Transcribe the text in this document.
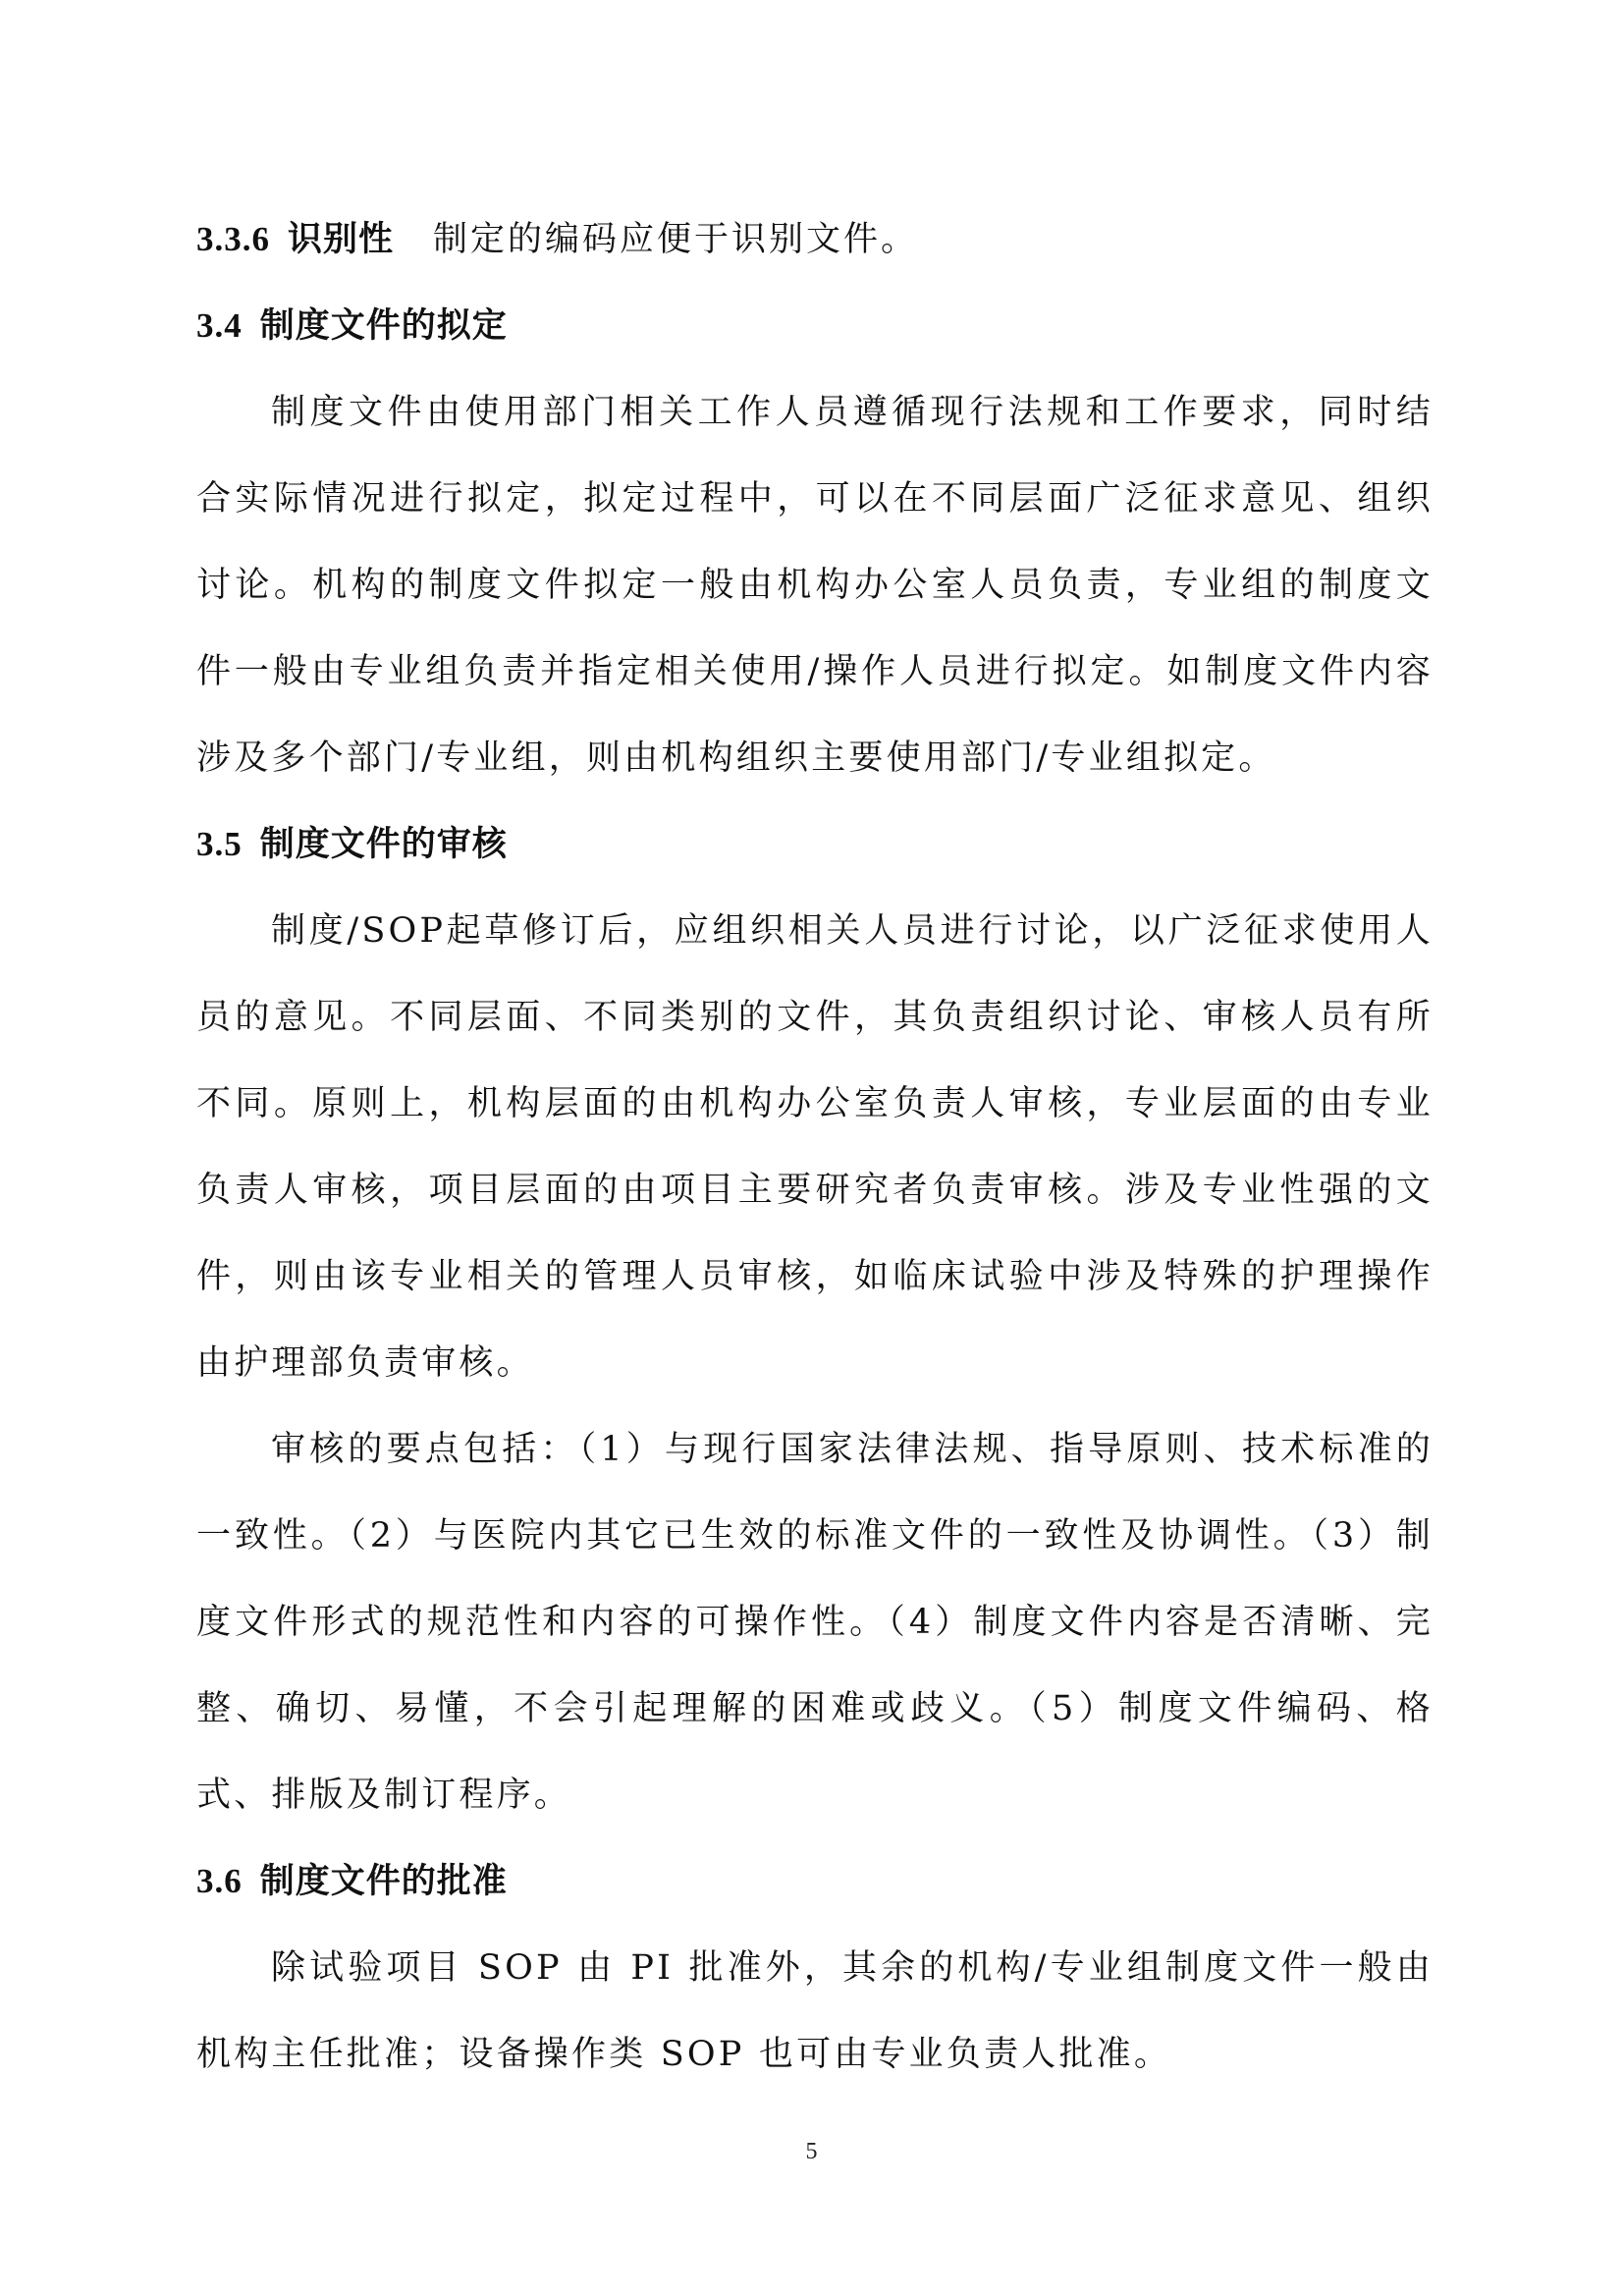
3.3.6 识别性 制定的编码应便于识别文件。
3.4 制度文件的拟定

制度文件由使用部门相关工作人员遵循现行法规和工作要求，同时结合实际情况进行拟定，拟定过程中，可以在不同层面广泛征求意见、组织讨论。机构的制度文件拟定一般由机构办公室人员负责，专业组的制度文件一般由专业组负责并指定相关使用/操作人员进行拟定。如制度文件内容涉及多个部门/专业组，则由机构组织主要使用部门/专业组拟定。

3.5 制度文件的审核

制度/SOP起草修订后，应组织相关人员进行讨论，以广泛征求使用人员的意见。不同层面、不同类别的文件，其负责组织讨论、审核人员有所不同。原则上，机构层面的由机构办公室负责人审核，专业层面的由专业负责人审核，项目层面的由项目主要研究者负责审核。涉及专业性强的文件，则由该专业相关的管理人员审核，如临床试验中涉及特殊的护理操作由护理部负责审核。

审核的要点包括：（1）与现行国家法律法规、指导原则、技术标准的一致性。（2）与医院内其它已生效的标准文件的一致性及协调性。（3）制度文件形式的规范性和内容的可操作性。（4）制度文件内容是否清晰、完整、确切、易懂，不会引起理解的困难或歧义。（5）制度文件编码、格式、排版及制订程序。

3.6 制度文件的批准

除试验项目 SOP 由 PI 批准外，其余的机构/专业组制度文件一般由机构主任批准；设备操作类 SOP 也可由专业负责人批准。

5
